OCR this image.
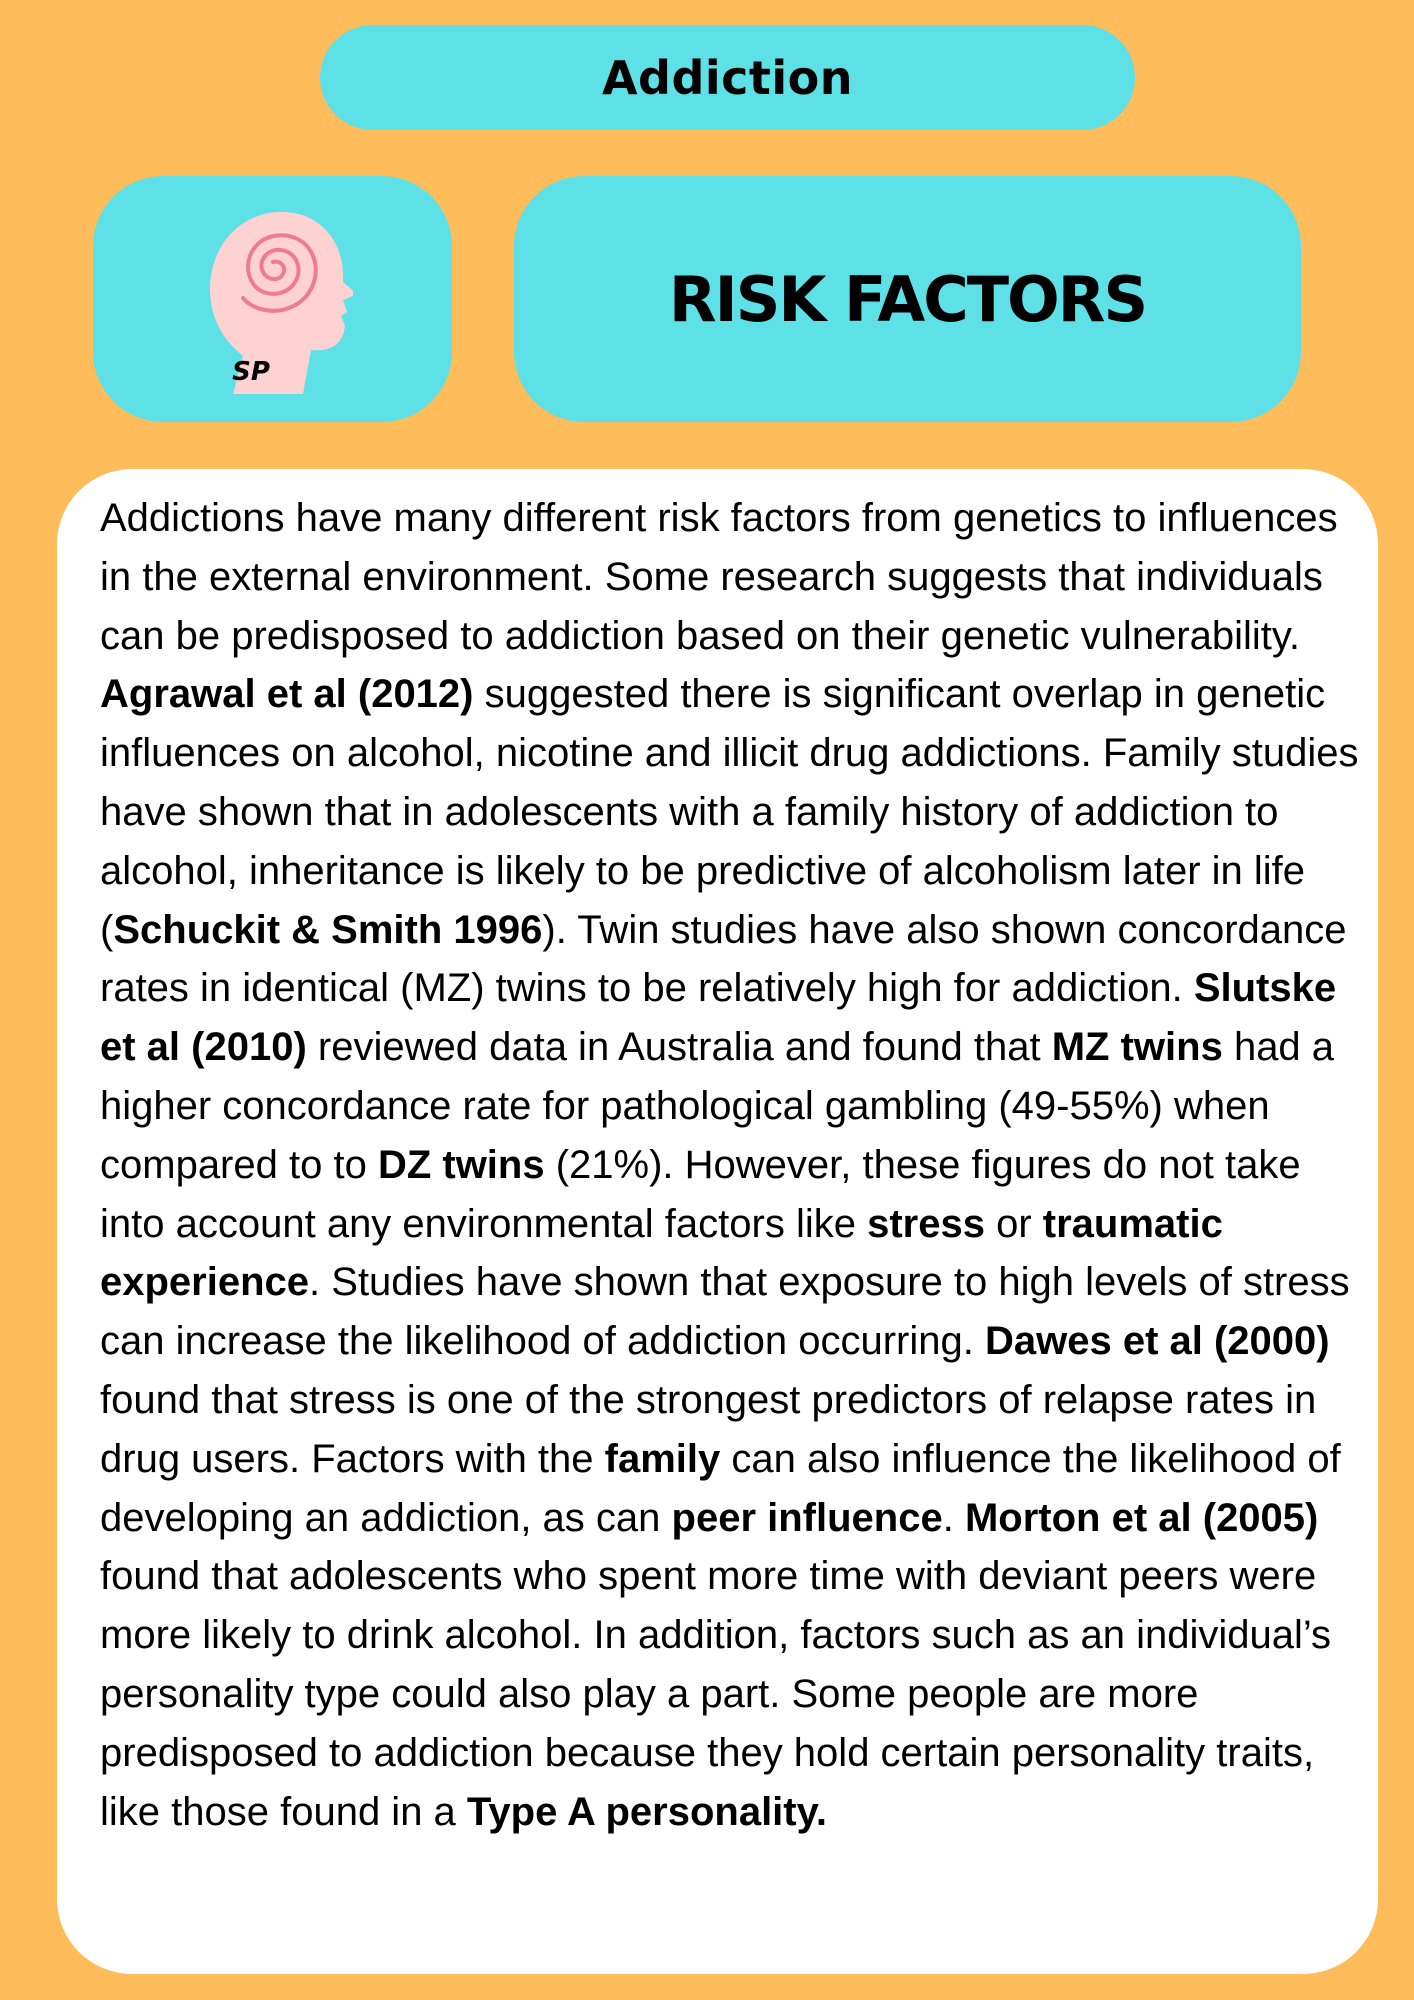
Addiction
SP
RISK FACTORS

Addictions have many different risk factors from genetics to influences in the external environment. Some research suggests that individuals can be predisposed to addiction based on their genetic vulnerability. Agrawal et al (2012) suggested there is significant overlap in genetic influences on alcohol, nicotine and illicit drug addictions. Family studies have shown that in adolescents with a family history of addiction to alcohol, inheritance is likely to be predictive of alcoholism later in life (Schuckit & Smith 1996). Twin studies have also shown concordance rates in identical (MZ) twins to be relatively high for addiction. Slutske et al (2010) reviewed data in Australia and found that MZ twins had a higher concordance rate for pathological gambling (49-55%) when compared to to DZ twins (21%). However, these figures do not take into account any environmental factors like stress or traumatic experience. Studies have shown that exposure to high levels of stress can increase the likelihood of addiction occurring. Dawes et al (2000) found that stress is one of the strongest predictors of relapse rates in drug users. Factors with the family can also influence the likelihood of developing an addiction, as can peer influence. Morton et al (2005) found that adolescents who spent more time with deviant peers were more likely to drink alcohol. In addition, factors such as an individual’s personality type could also play a part. Some people are more predisposed to addiction because they hold certain personality traits, like those found in a Type A personality.
